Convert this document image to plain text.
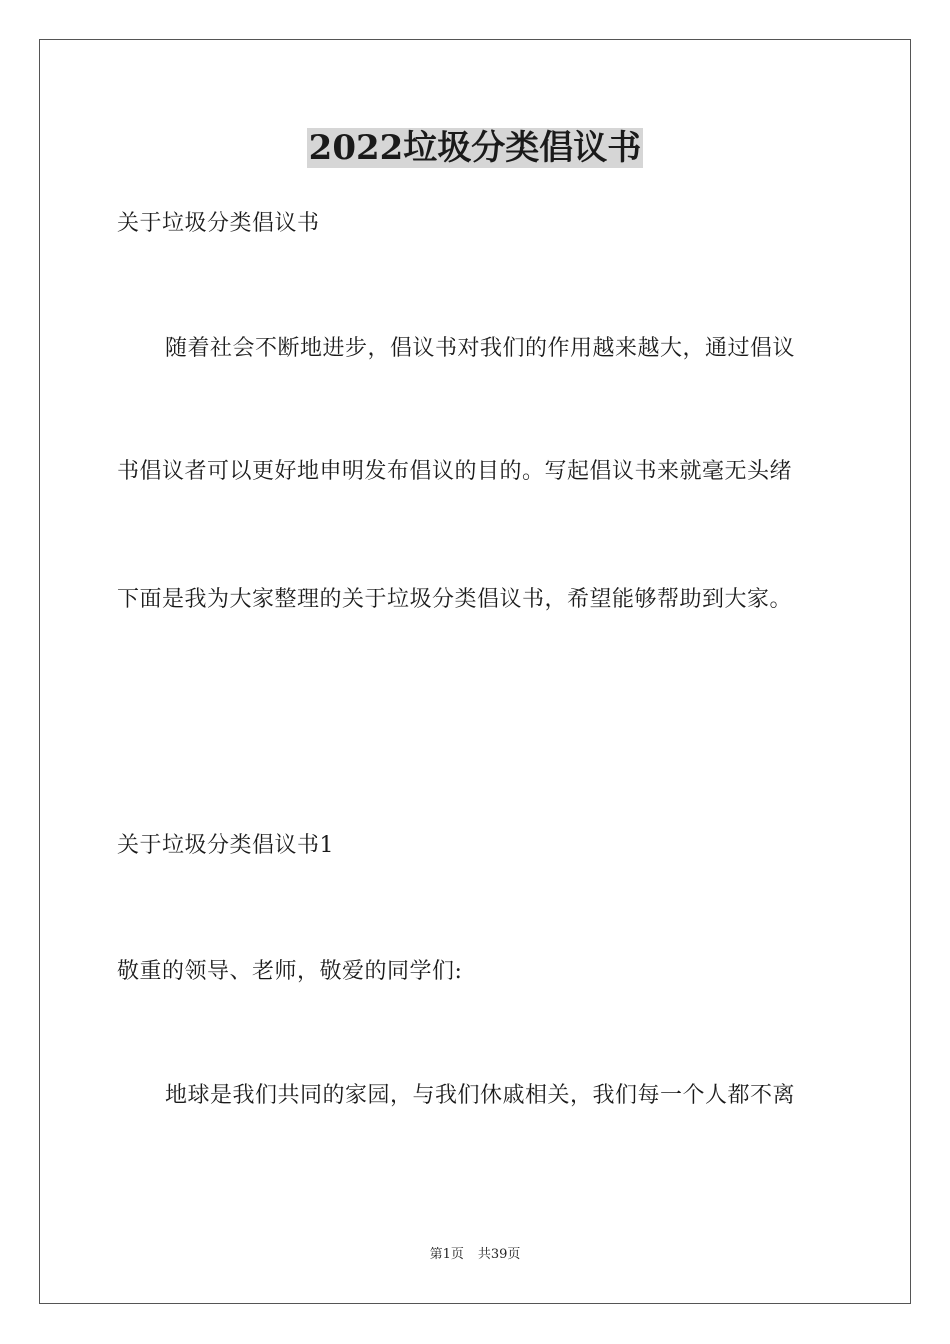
2022垃圾分类倡议书
关于垃圾分类倡议书
随着社会不断地进步，倡议书对我们的作用越来越大，通过倡议
书倡议者可以更好地申明发布倡议的目的。写起倡议书来就毫无头绪
下面是我为大家整理的关于垃圾分类倡议书，希望能够帮助到大家。
关于垃圾分类倡议书1
敬重的领导、老师，敬爱的同学们:
地球是我们共同的家园，与我们休戚相关，我们每一个人都不离
第1页 共39页
